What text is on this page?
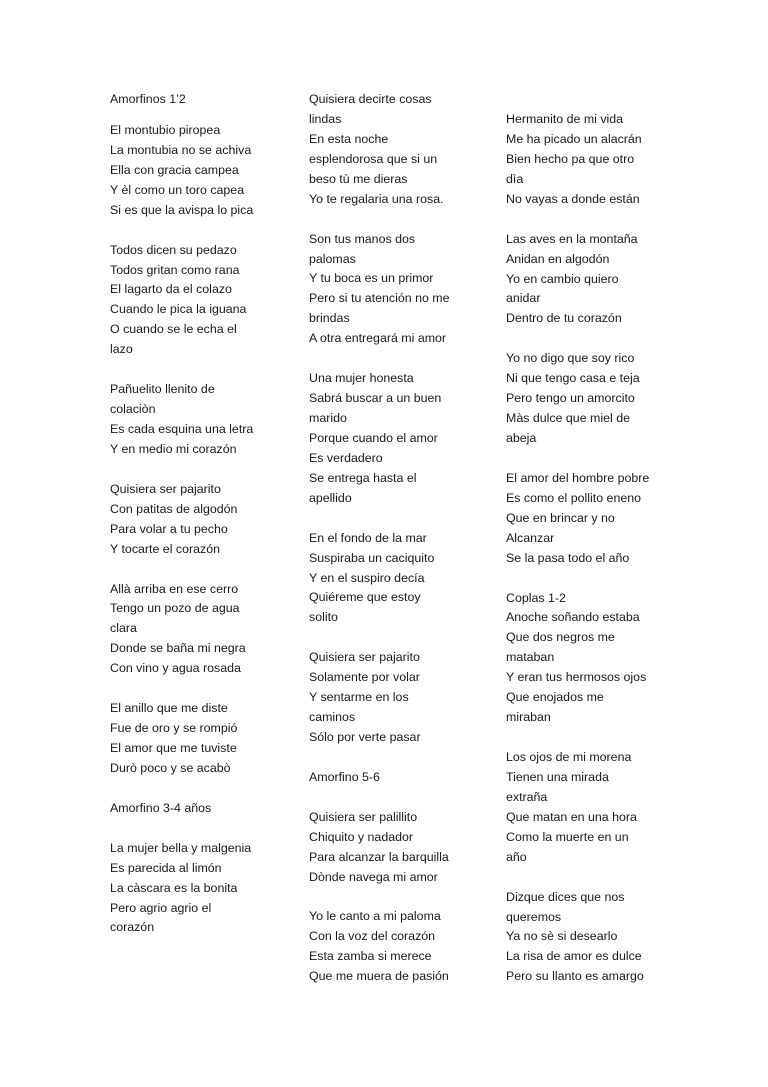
Amorfinos 1’2
El montubio piropea
La montubia no se achiva
Ella con gracia campea
Y èl como un toro capea
Si es que la avispa lo pica
Todos dicen su pedazo
Todos gritan como rana
El lagarto da el colazo
Cuando le pica la iguana
O cuando se le echa el
lazo
Pañuelito llenito de
colaciòn
Es cada esquina una letra
Y en medio mi corazón
Quisiera ser pajarito
Con patitas de algodón
Para volar a tu pecho
Y tocarte el corazón
Allà arriba en ese cerro
Tengo un pozo de agua
clara
Donde se baña mi negra
Con vino y agua rosada
El anillo que me diste
Fue de oro y se rompió
El amor que me tuviste
Durò poco y se acabò
Amorfino 3-4 años
La mujer bella y malgenia
Es parecida al limón
La càscara es la bonita
Pero agrio agrio el
corazón
Quisiera decirte cosas
lindas
En esta noche
esplendorosa que si un
beso tù me dieras
Yo te regalaria una rosa.
Son tus manos dos
palomas
Y tu boca es un primor
Pero si tu atención no me
brindas
A otra entregará mi amor
Una mujer honesta
Sabrá buscar a un buen
marido
Porque cuando el amor
Es verdadero
Se entrega hasta el
apellido
En el fondo de la mar
Suspiraba un caciquito
Y en el suspiro decía
Quiéreme que estoy
solito
Quisiera ser pajarito
Solamente por volar
Y sentarme en los
caminos
Sólo por verte pasar
Amorfino 5-6
Quisiera ser palillito
Chiquito y nadador
Para alcanzar la barquilla
Dònde navega mi amor
Yo le canto a mi paloma
Con la voz del corazón
Esta zamba si merece
Que me muera de pasión
Hermanito de mi vida
Me ha picado un alacrán
Bien hecho pa que otro
dìa
No vayas a donde están
Las aves en la montaña
Anidan en algodón
Yo en cambio quiero
anidar
Dentro de tu corazón
Yo no digo que soy rico
Ni que tengo casa e teja
Pero tengo un amorcito
Màs dulce que miel de
abeja
El amor del hombre pobre
Es como el pollito eneno
Que en brincar y no
Alcanzar
Se la pasa todo el año
Coplas 1-2
Anoche soñando estaba
Que dos negros me
mataban
Y eran tus hermosos ojos
Que enojados me
miraban
Los ojos de mi morena
Tienen una mirada
extraña
Que matan en una hora
Como la muerte en un
año
Dizque dices que nos
queremos
Ya no sè si desearlo
La risa de amor es dulce
Pero su llanto es amargo
